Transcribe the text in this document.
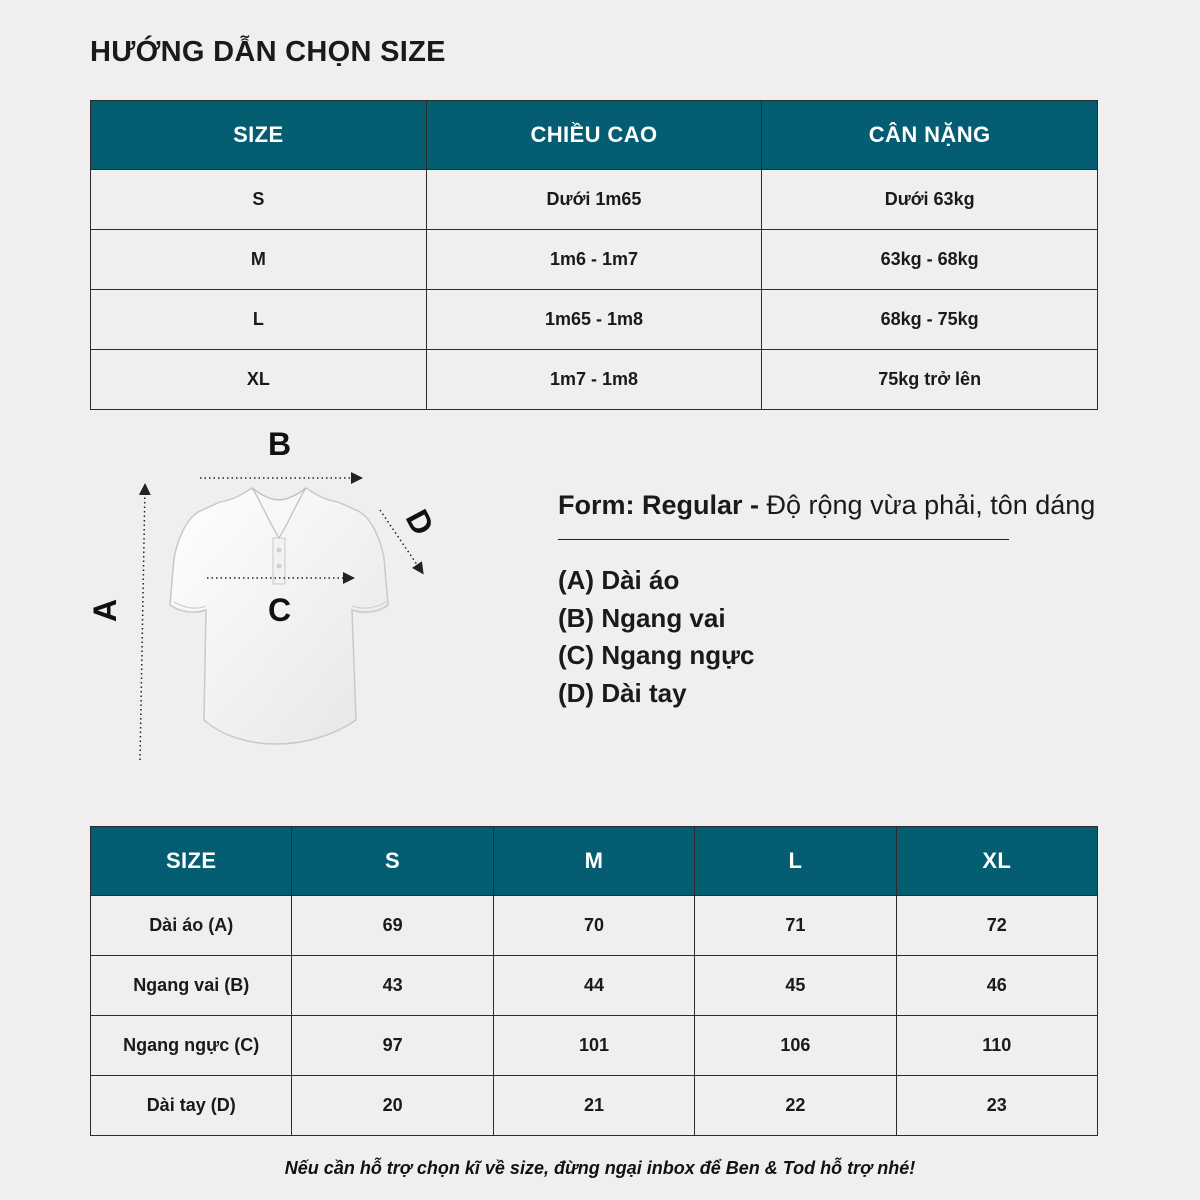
HƯỚNG DẪN CHỌN SIZE
SIZE	CHIỀU CAO	CÂN NẶNG
S	Dưới 1m65	Dưới 63kg
M	1m6 - 1m7	63kg - 68kg
L	1m65 - 1m8	68kg - 75kg
XL	1m7 - 1m8	75kg trở lên
B
C
A
D	Form: Regular - Độ rộng vừa phải, tôn dáng
(A) Dài áo
(B) Ngang vai
(C) Ngang ngực
(D) Dài tay
SIZE	S	M	L	XL
Dài áo (A)	69	70	71	72
Ngang vai (B)	43	44	45	46
Ngang ngực (C)	97	101	106	110
Dài tay (D)	20	21	22	23
Nếu cần hỗ trợ chọn kĩ về size, đừng ngại inbox để Ben & Tod hỗ trợ nhé!
